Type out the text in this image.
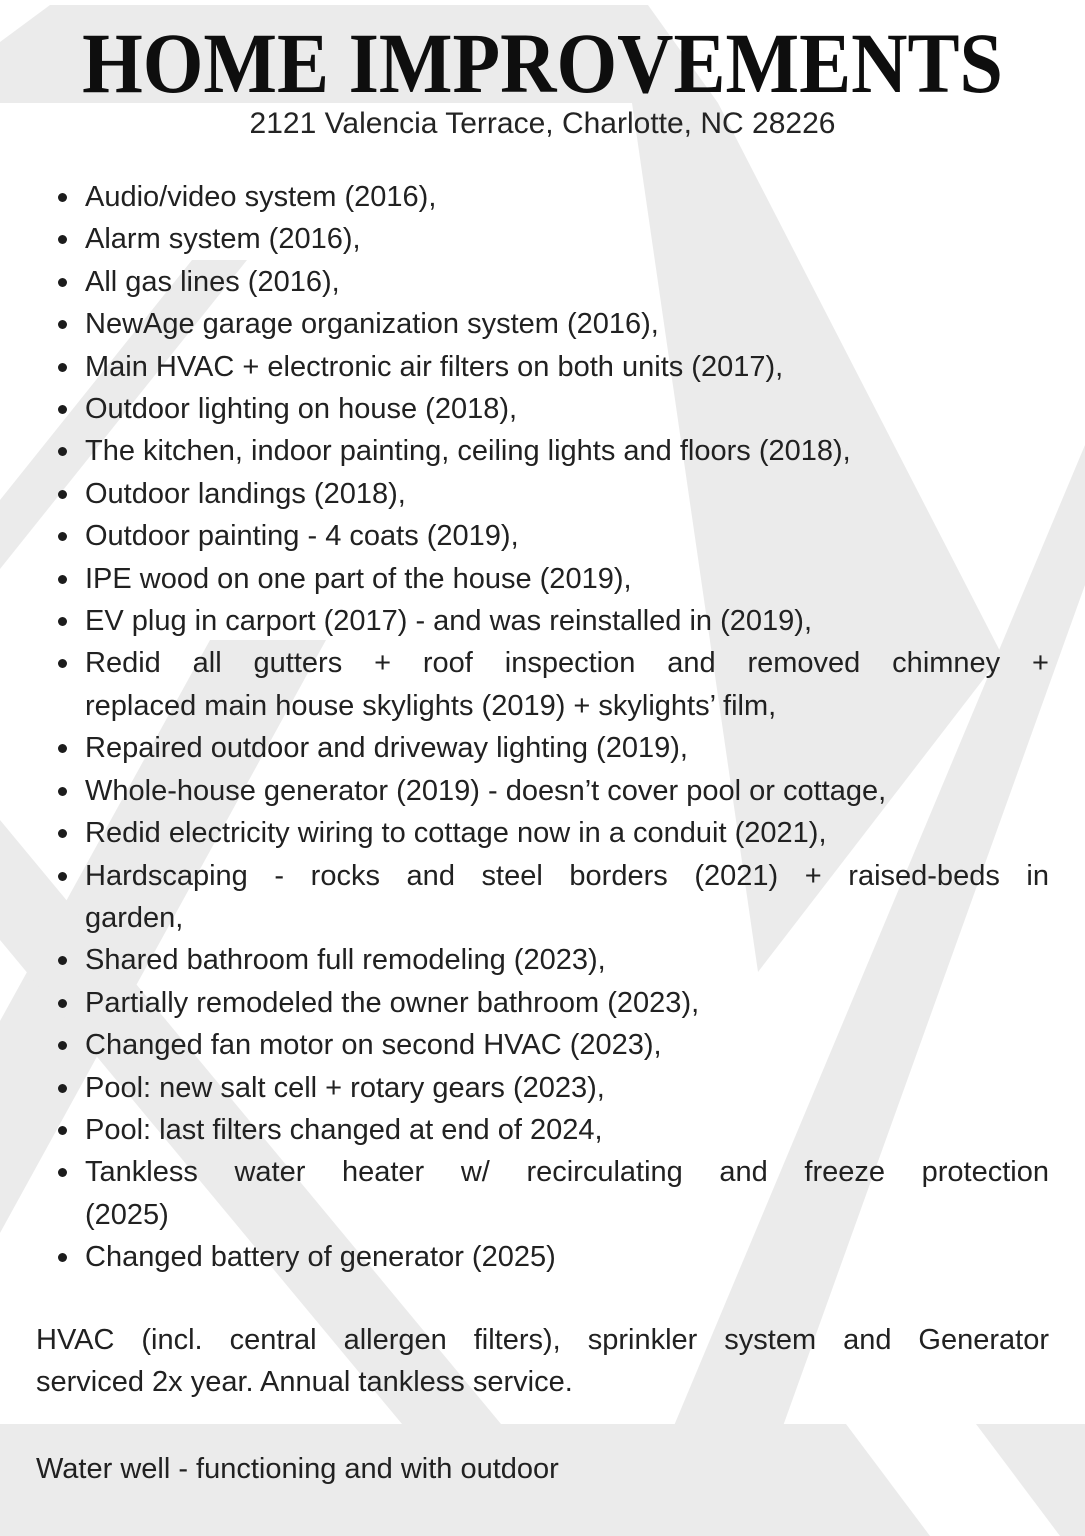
HOME IMPROVEMENTS
2121 Valencia Terrace, Charlotte, NC 28226
Audio/video system (2016),
Alarm system (2016),
All gas lines (2016),
NewAge garage organization system (2016),
Main HVAC + electronic air filters on both units (2017),
Outdoor lighting on house (2018),
The kitchen, indoor painting, ceiling lights and floors (2018),
Outdoor landings (2018),
Outdoor painting - 4 coats (2019),
IPE wood on one part of the house (2019),
EV plug in carport (2017) - and was reinstalled in (2019),
Redid all gutters + roof inspection and removed chimney +
replaced main house skylights (2019) + skylights’ film,
Repaired outdoor and driveway lighting (2019),
Whole-house generator (2019) - doesn’t cover pool or cottage,
Redid electricity wiring to cottage now in a conduit (2021),
Hardscaping - rocks and steel borders (2021) + raised-beds in
garden,
Shared bathroom full remodeling (2023),
Partially remodeled the owner bathroom (2023),
Changed fan motor on second HVAC (2023),
Pool: new salt cell + rotary gears (2023),
Pool: last filters changed at end of 2024,
Tankless water heater w/ recirculating and freeze protection
(2025)
Changed battery of generator (2025)

HVAC (incl. central allergen filters), sprinkler system and Generator
serviced 2x year. Annual tankless service.

Water well - functioning and with outdoor
